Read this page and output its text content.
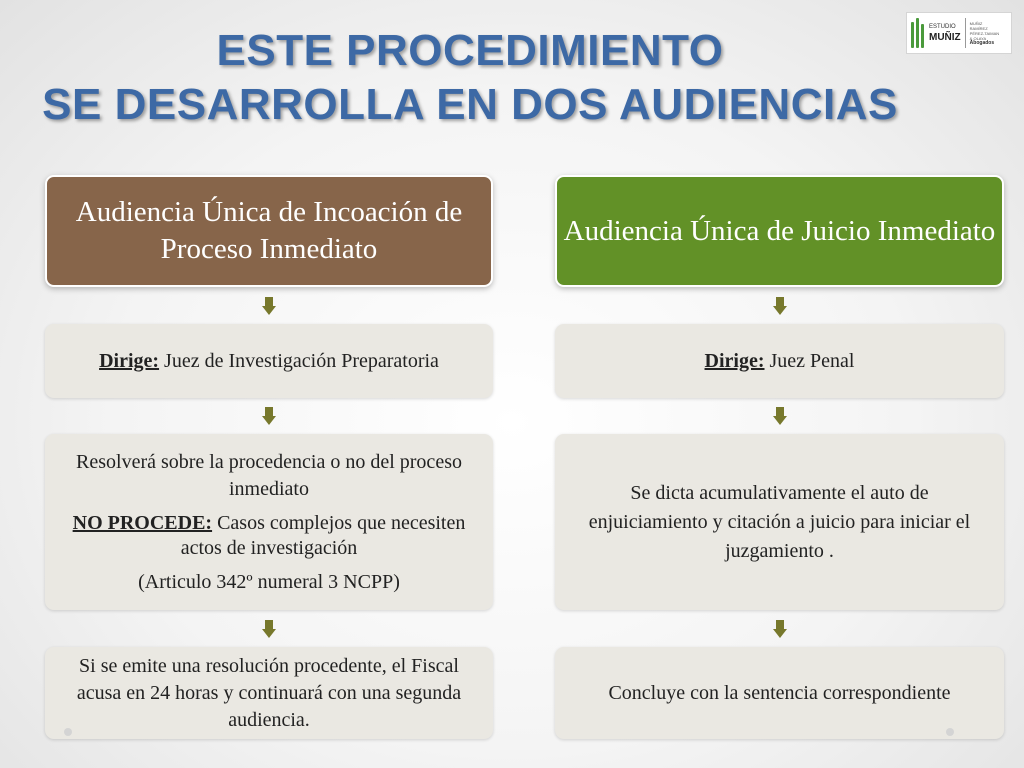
ESTE PROCEDIMIENTO
SE DESARROLLA EN DOS AUDIENCIAS
ESTUDIO
MUÑIZ
MUÑIZ
RAMÍREZ
PÉREZ-TAIMAN
& OLAYA
Abogados
Audiencia Única de Incoación de Proceso Inmediato

Dirige: Juez de Investigación Preparatoria

Resolverá sobre la procedencia o no del proceso inmediato

NO PROCEDE: Casos complejos que necesiten actos de investigación

(Articulo 342º numeral 3 NCPP)

Si se emite una resolución procedente, el Fiscal acusa en 24 horas y continuará con una segunda audiencia.

Audiencia Única de Juicio Inmediato

Dirige: Juez Penal

Se dicta acumulativamente el auto de enjuiciamiento y citación a juicio para iniciar el juzgamiento .

Concluye con la sentencia correspondiente
